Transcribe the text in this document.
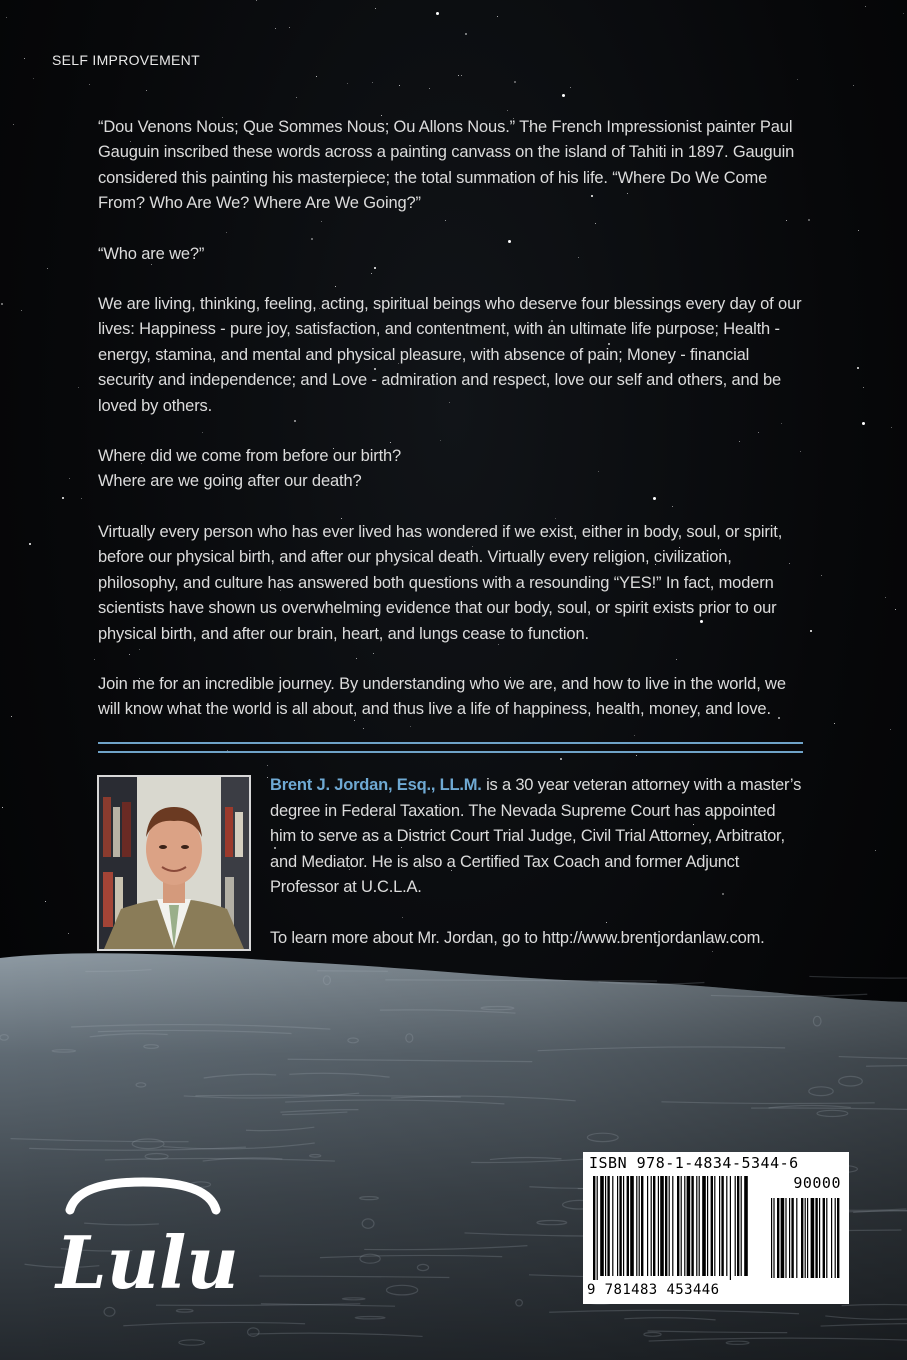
SELF IMPROVEMENT

“Dou Venons Nous; Que Sommes Nous; Ou Allons Nous.” The French Impressionist painter Paul Gauguin inscribed these words across a painting canvass on the island of Tahiti in 1897. Gauguin considered this painting his masterpiece; the total summation of his life. “Where Do We Come From? Who Are We? Where Are We Going?”

“Who are we?”

We are living, thinking, feeling, acting, spiritual beings who deserve four blessings every day of our lives: Happiness - pure joy, satisfaction, and contentment, with an ultimate life purpose; Health - energy, stamina, and mental and physical pleasure, with absence of pain; Money - financial security and independence; and Love - admiration and respect, love our self and others, and be loved by others.

Where did we come from before our birth?

Where are we going after our death?

Virtually every person who has ever lived has wondered if we exist, either in body, soul, or spirit, before our physical birth, and after our physical death. Virtually every religion, civilization, philosophy, and culture has answered both questions with a resounding “YES!” In fact, modern scientists have shown us overwhelming evidence that our body, soul, or spirit exists prior to our physical birth, and after our brain, heart, and lungs cease to function.

Join me for an incredible journey. By understanding who we are, and how to live in the world, we will know what the world is all about, and thus live a life of happiness, health, money, and love.

Brent J. Jordan, Esq., LL.M. is a 30 year veteran attorney with a master’s degree in Federal Taxation. The Nevada Supreme Court has appointed him to serve as a District Court Trial Judge, Civil Trial Attorney, Arbitrator, and Mediator. He is also a Certified Tax Coach and former Adjunct Professor at U.C.L.A.

To learn more about Mr. Jordan, go to http://www.brentjordanlaw.com.

Lulu
ISBN 978-1-4834-5344-6
90000
9 781483 453446
